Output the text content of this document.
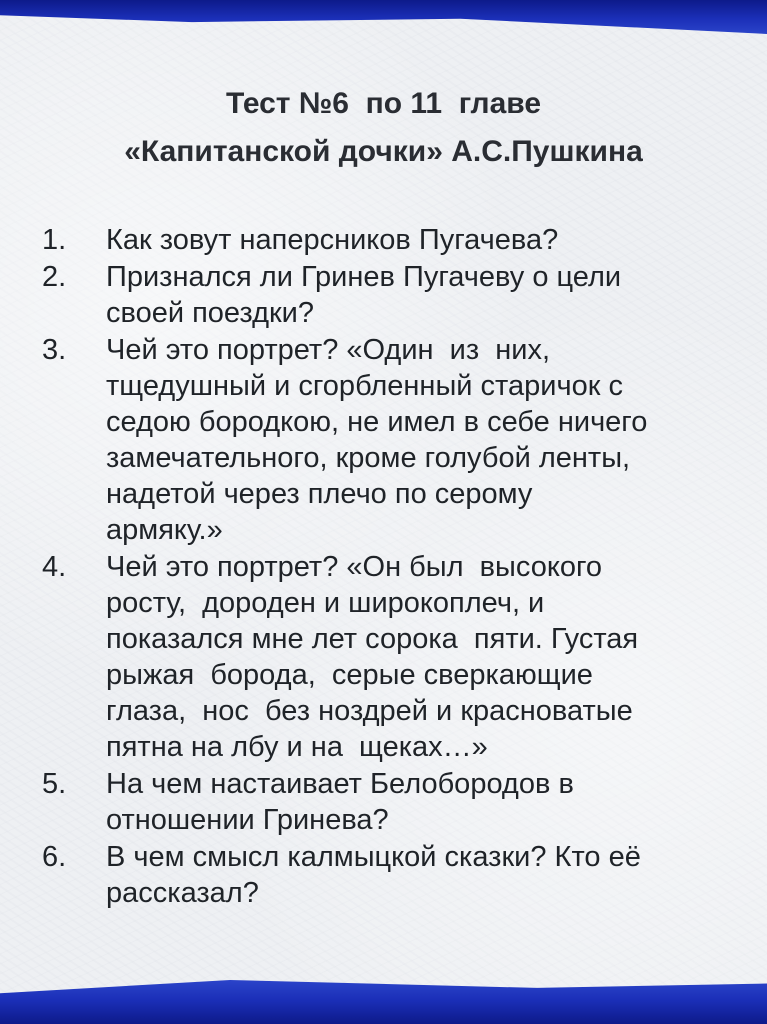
Тест №6  по 11  главе
«Капитанской дочки» А.С.Пушкина
1.	Как зовут наперсников Пугачева?
2.	Признался ли Гринев Пугачеву о цели
своей поездки?
3.	Чей это портрет? «Один  из  них,
тщедушный и сгорбленный старичок с
седою бородкою, не имел в себе ничего
замечательного, кроме голубой ленты,
надетой через плечо по серому
армяку.»
4.	Чей это портрет? «Он был  высокого
росту,  дороден и широкоплеч, и
показался мне лет сорока  пяти. Густая
рыжая  борода,  серые сверкающие
глаза,  нос  без ноздрей и красноватые
пятна на лбу и на  щеках…»
5.	На чем настаивает Белобородов в
отношении Гринева?
6.	В чем смысл калмыцкой сказки? Кто её
рассказал?
